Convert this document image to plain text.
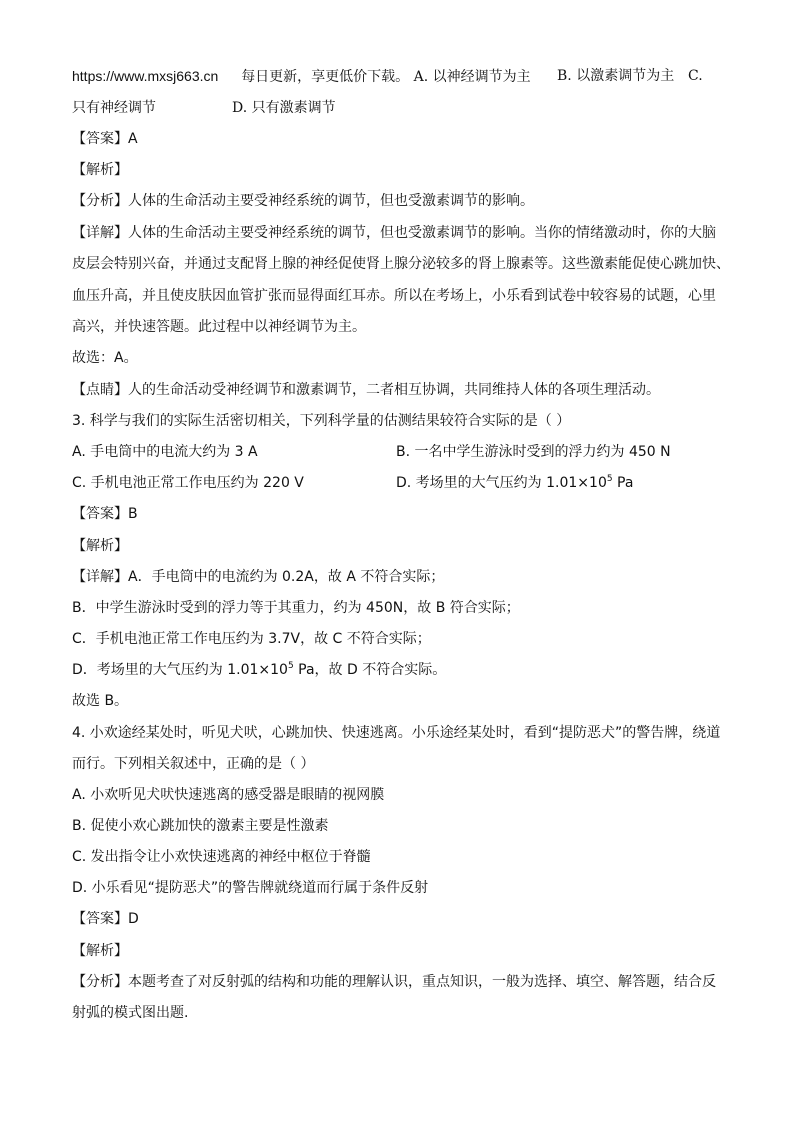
https://www.mxsj663.cn 每日更新，享更低价下载。 A. 以神经调节为主 B. 以激素调节为主 C.
只有神经调节	D. 只有激素调节
【答案】A
【解析】
【分析】人体的生命活动主要受神经系统的调节，但也受激素调节的影响。
【详解】人体的生命活动主要受神经系统的调节，但也受激素调节的影响。当你的情绪激动时，你的大脑
皮层会特别兴奋，并通过支配肾上腺的神经促使肾上腺分泌较多的肾上腺素等。这些激素能促使心跳加快、
血压升高，并且使皮肤因血管扩张而显得面红耳赤。所以在考场上，小乐看到试卷中较容易的试题，心里
高兴，并快速答题。此过程中以神经调节为主。
故选：A。
【点睛】人的生命活动受神经调节和激素调节，二者相互协调，共同维持人体的各项生理活动。
3. 科学与我们的实际生活密切相关，下列科学量的估测结果较符合实际的是（ ）
A. 手电筒中的电流大约为 3 A	B. 一名中学生游泳时受到的浮力约为 450 N
C. 手机电池正常工作电压约为 220 V	D. 考场里的大气压约为 $1.01\times 10^5$ Pa
【答案】B
【解析】
【详解】A．手电筒中的电流约为 0.2A，故 A 不符合实际；
B．中学生游泳时受到的浮力等于其重力，约为 450N，故 B 符合实际；
C．手机电池正常工作电压约为 3.7V，故 C 不符合实际；
D．考场里的大气压约为 $1.01\times 10^5$ Pa，故 D 不符合实际。
故选 B。
4. 小欢途经某处时，听见犬吠，心跳加快、快速逃离。小乐途经某处时，看到“提防恶犬”的警告牌，绕道
而行。下列相关叙述中，正确的是（ ）
A. 小欢听见犬吠快速逃离的感受器是眼睛的视网膜
B. 促使小欢心跳加快的激素主要是性激素
C. 发出指令让小欢快速逃离的神经中枢位于脊髓
D. 小乐看见“提防恶犬”的警告牌就绕道而行属于条件反射
【答案】D
【解析】
【分析】本题考查了对反射弧的结构和功能的理解认识，重点知识，一般为选择、填空、解答题，结合反
射弧的模式图出题.
